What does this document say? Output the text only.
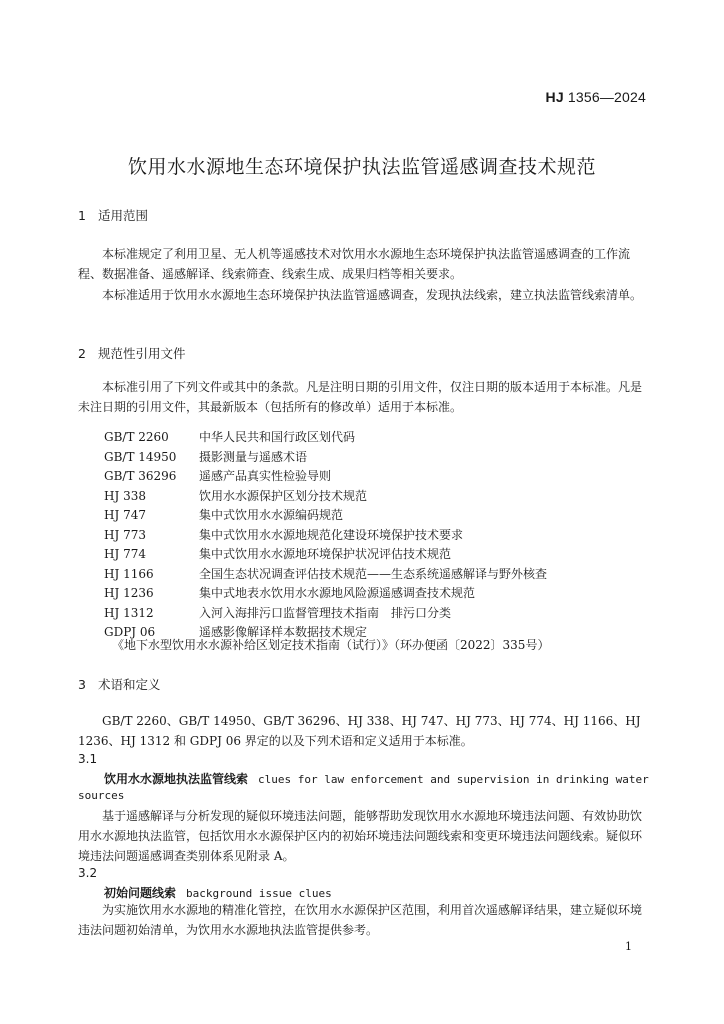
HJ 1356—2024
饮用水水源地生态环境保护执法监管遥感调查技术规范
1 适用范围
本标准规定了利用卫星、无人机等遥感技术对饮用水水源地生态环境保护执法监管遥感调查的工作流程、数据准备、遥感解译、线索筛查、线索生成、成果归档等相关要求。
本标准适用于饮用水水源地生态环境保护执法监管遥感调查，发现执法线索，建立执法监管线索清单。
2 规范性引用文件
本标准引用了下列文件或其中的条款。凡是注明日期的引用文件，仅注日期的版本适用于本标准。凡是未注日期的引用文件，其最新版本（包括所有的修改单）适用于本标准。
GB/T 2260	中华人民共和国行政区划代码
GB/T 14950 摄影测量与遥感术语
GB/T 36296 遥感产品真实性检验导则
HJ 338	饮用水水源保护区划分技术规范
HJ 747	集中式饮用水水源编码规范
HJ 773	集中式饮用水水源地规范化建设环境保护技术要求
HJ 774	集中式饮用水水源地环境保护状况评估技术规范
HJ 1166	全国生态状况调查评估技术规范——生态系统遥感解译与野外核查
HJ 1236	集中式地表水饮用水水源地风险源遥感调查技术规范
HJ 1312	入河入海排污口监督管理技术指南　排污口分类
GDPJ 06	遥感影像解译样本数据技术规定
《地下水型饮用水水源补给区划定技术指南（试行）》（环办便函〔2022〕335号）
3 术语和定义
GB/T 2260、GB/T 14950、GB/T 36296、HJ 338、HJ 747、HJ 773、HJ 774、HJ 1166、HJ 1236、HJ 1312 和 GDPJ 06 界定的以及下列术语和定义适用于本标准。
3.1
饮用水水源地执法监管线索 clues for law enforcement and supervision in drinking water
sources
基于遥感解译与分析发现的疑似环境违法问题，能够帮助发现饮用水水源地环境违法问题、有效协助饮用水水源地执法监管，包括饮用水水源保护区内的初始环境违法问题线索和变更环境违法问题线索。疑似环境违法问题遥感调查类别体系见附录 A。
3.2
初始问题线索 background issue clues
为实施饮用水水源地的精准化管控，在饮用水水源保护区范围，利用首次遥感解译结果，建立疑似环境违法问题初始清单，为饮用水水源地执法监管提供参考。
1
